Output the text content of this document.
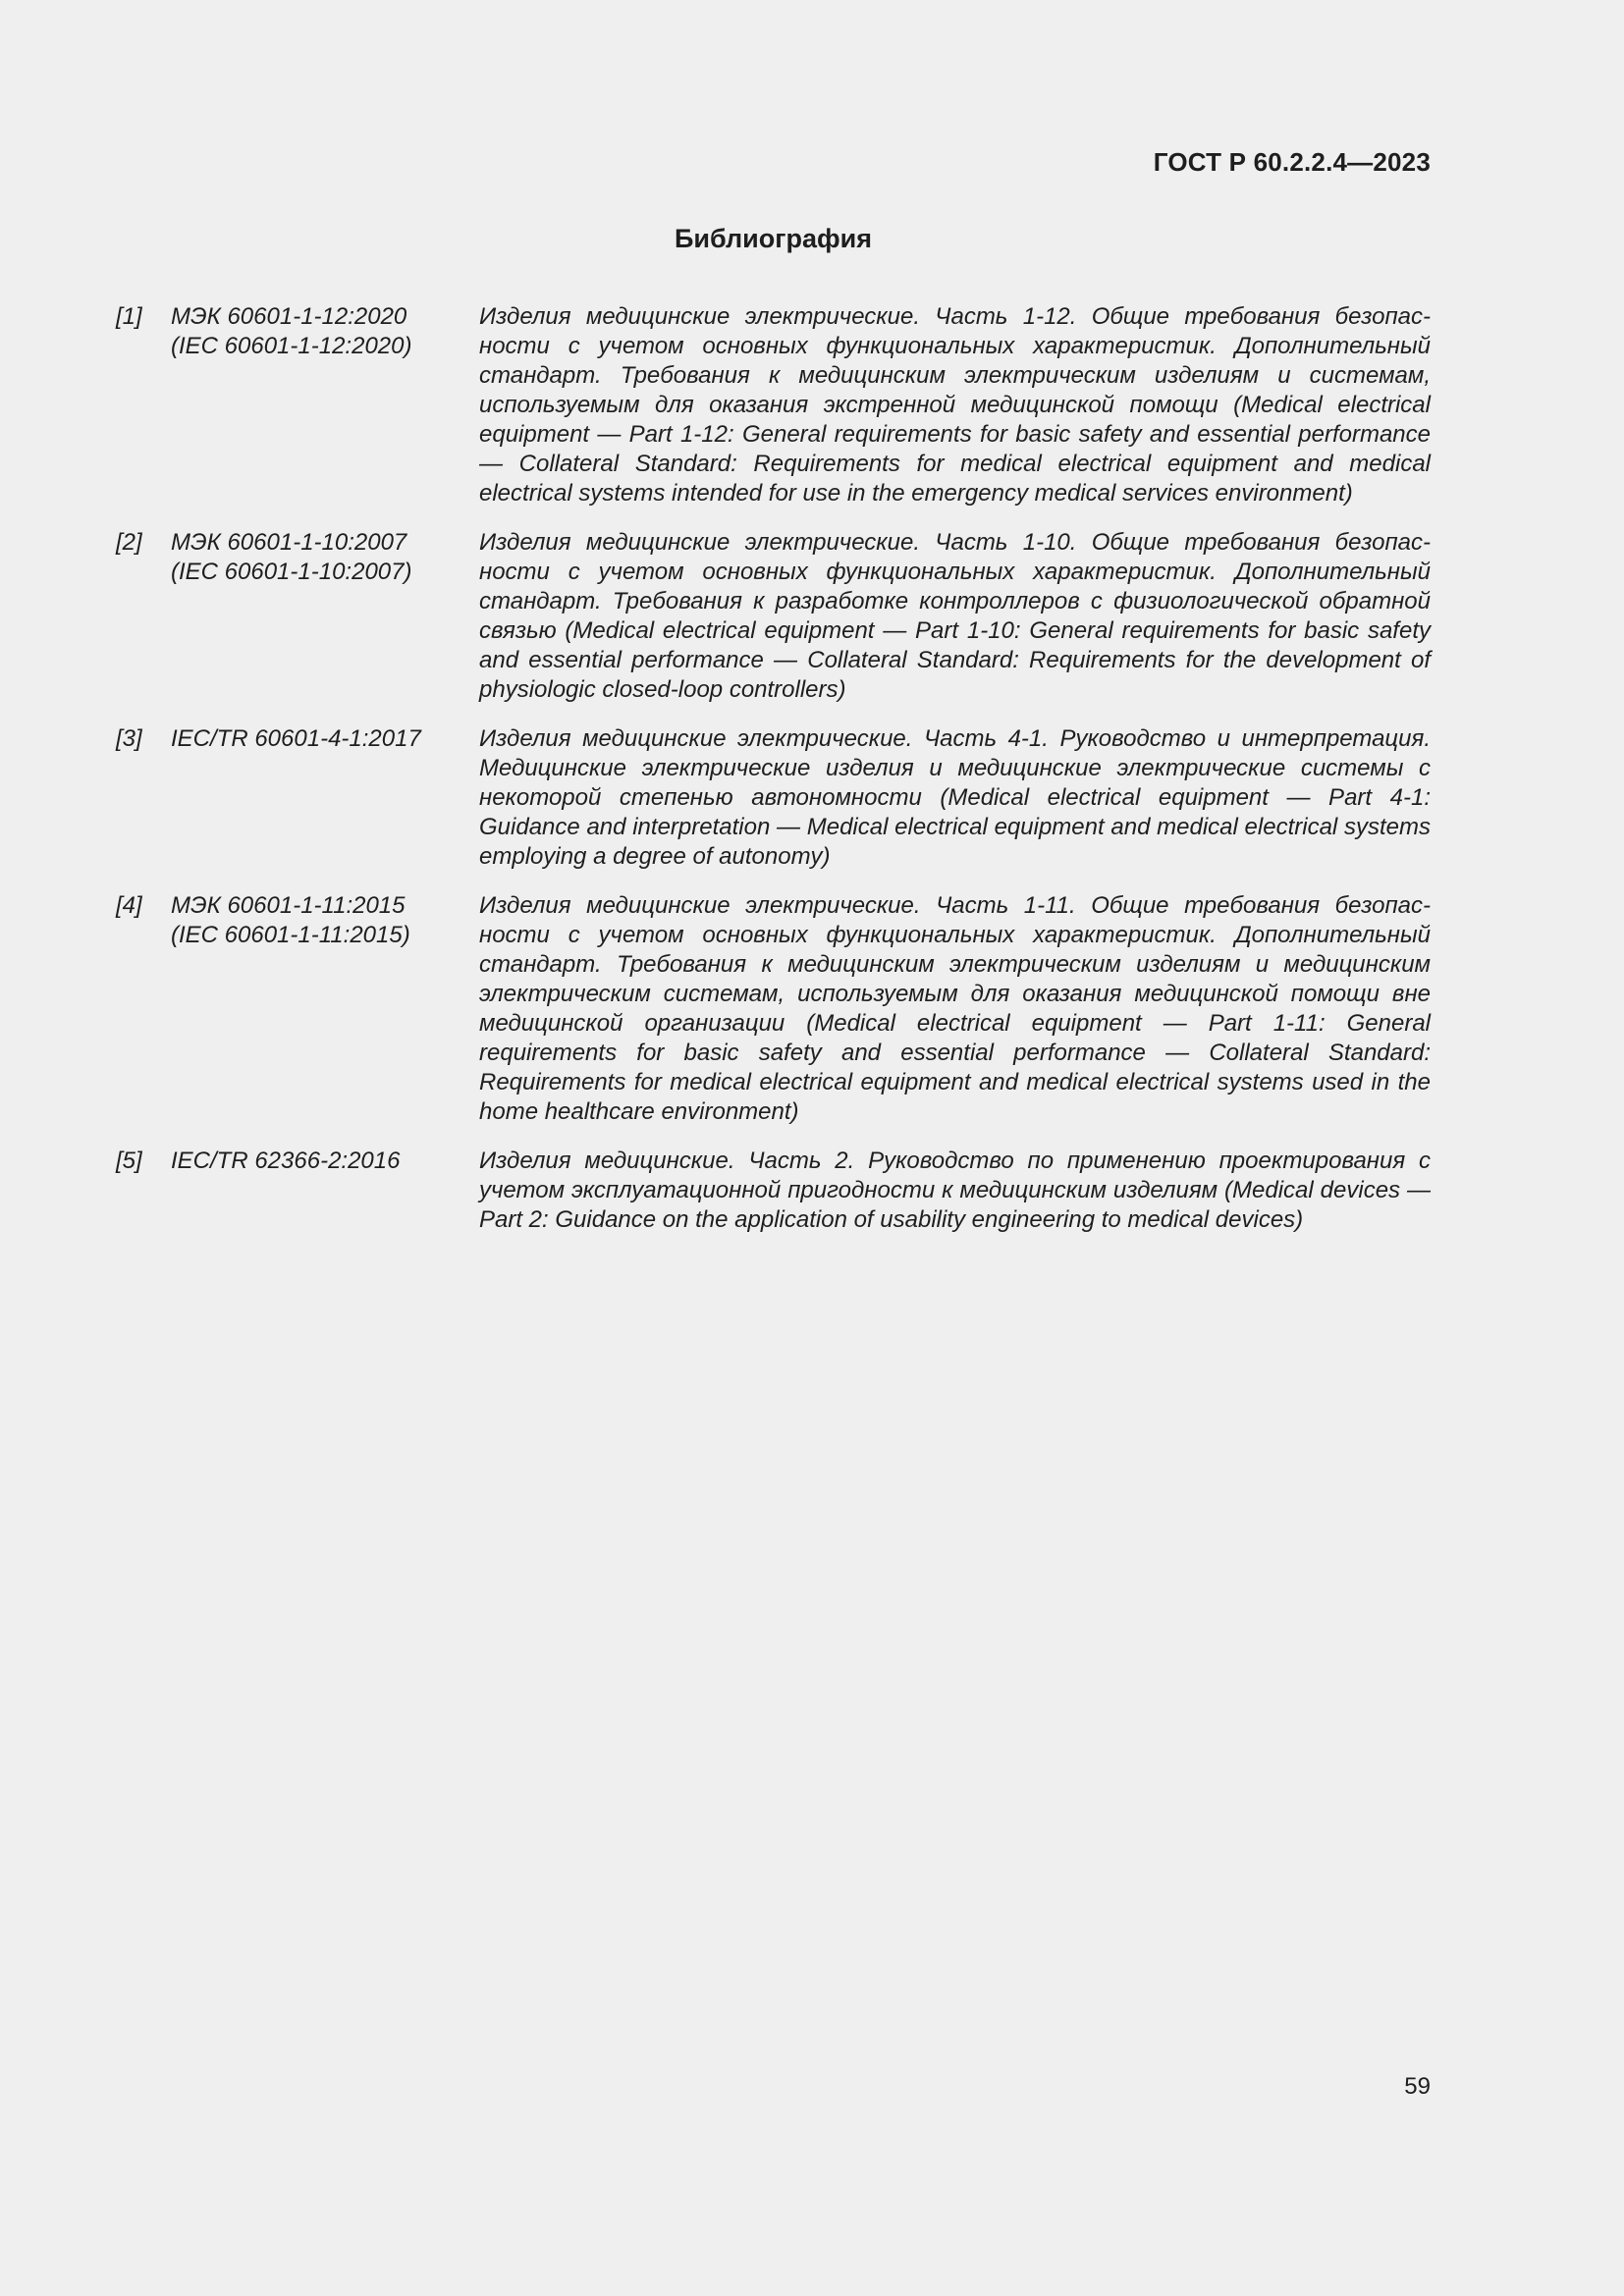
ГОСТ Р 60.2.2.4—2023
Библиография
[1]	МЭК 60601-1-12:2020
(IEC 60601-1-12:2020)
Изделия медицинские электрические. Часть 1-12. Общие требования безопасности с учетом основных функциональных характеристик. Дополнительный стандарт. Требования к медицинским электрическим изделиям и системам, используемым для оказания экстренной медицинской помощи (Medical electrical equipment — Part 1-12: General requirements for basic safety and essential performance — Collateral Standard: Requirements for medical electrical equipment and medical electrical systems intended for use in the emergency medical services environment)
[2]	МЭК 60601-1-10:2007
(IEC 60601-1-10:2007)
Изделия медицинские электрические. Часть 1-10. Общие требования безопасности с учетом основных функциональных характеристик. Дополнительный стандарт. Требования к разработке контроллеров с физиологической обратной связью (Medical electrical equipment — Part 1-10: General requirements for basic safety and essential performance — Collateral Standard: Requirements for the development of physiologic closed-loop controllers)
[3]	IEC/TR 60601-4-1:2017	Изделия медицинские электрические. Часть 4-1. Руководство и интерпретация. Медицинские электрические изделия и медицинские электрические системы с некоторой степенью автономности (Medical electrical equipment — Part 4-1: Guidance and interpretation — Medical electrical equipment and medical electrical systems employing a degree of autonomy)
[4]	МЭК 60601-1-11:2015
(IEC 60601-1-11:2015)
Изделия медицинские электрические. Часть 1-11. Общие требования безопасности с учетом основных функциональных характеристик. Дополнительный стандарт. Требования к медицинским электрическим изделиям и медицинским электрическим системам, используемым для оказания медицинской помощи вне медицинской организации (Medical electrical equipment — Part 1-11: General requirements for basic safety and essential performance — Collateral Standard: Requirements for medical electrical equipment and medical electrical systems used in the home healthcare environment)
[5]	IEC/TR 62366-2:2016	Изделия медицинские. Часть 2. Руководство по применению проектирования с учетом эксплуатационной пригодности к медицинским изделиям (Medical devices — Part 2: Guidance on the application of usability engineering to medical devices)
59
